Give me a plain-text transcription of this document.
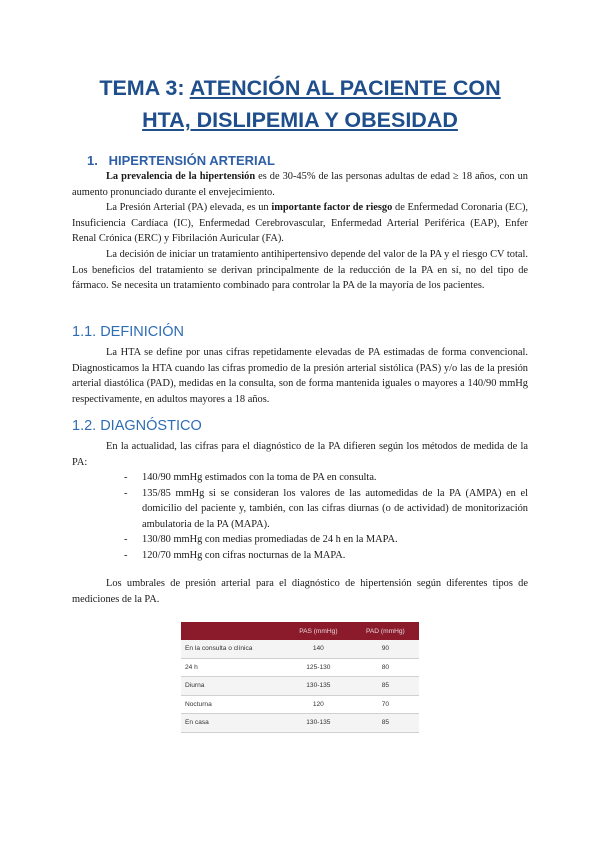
TEMA 3: ATENCIÓN AL PACIENTE CON
HTA, DISLIPEMIA Y OBESIDAD
1. HIPERTENSIÓN ARTERIAL

La prevalencia de la hipertensión es de 30-45% de las personas adultas de edad ≥ 18 años, con un aumento pronunciado durante el envejecimiento.

La Presión Arterial (PA) elevada, es un importante factor de riesgo de Enfermedad Coronaria (EC), Insuficiencia Cardíaca (IC), Enfermedad Cerebrovascular, Enfermedad Arterial Periférica (EAP), Enfer Renal Crónica (ERC) y Fibrilación Auricular (FA).

La decisión de iniciar un tratamiento antihipertensivo depende del valor de la PA y el riesgo CV total. Los beneficios del tratamiento se derivan principalmente de la reducción de la PA en sí, no del tipo de fármaco. Se necesita un tratamiento combinado para controlar la PA de la mayoría de los pacientes.

1.1. DEFINICIÓN

La HTA se define por unas cifras repetidamente elevadas de PA estimadas de forma convencional. Diagnosticamos la HTA cuando las cifras promedio de la presión arterial sistólica (PAS) y/o las de la presión arterial diastólica (PAD), medidas en la consulta, son de forma mantenida iguales o mayores a 140/90 mmHg respectivamente, en adultos mayores a 18 años.

1.2. DIAGNÓSTICO

En la actualidad, las cifras para el diagnóstico de la PA difieren según los métodos de medida de la PA:

- 140/90 mmHg estimados con la toma de PA en consulta.
- 135/85 mmHg si se consideran los valores de las automedidas de la PA (AMPA) en el domicilio del paciente y, también, con las cifras diurnas (o de actividad) de monitorización ambulatoria de la PA (MAPA).
- 130/80 mmHg con medias promediadas de 24 h en la MAPA.
- 120/70 mmHg con cifras nocturnas de la MAPA.

Los umbrales de presión arterial para el diagnóstico de hipertensión según diferentes tipos de mediciones de la PA.

	PAS (mmHg)	PAD (mmHg)
En la consulta o clínica	140	90
24 h	125-130	80
Diurna	130-135	85
Nocturna	120	70
En casa	130-135	85
